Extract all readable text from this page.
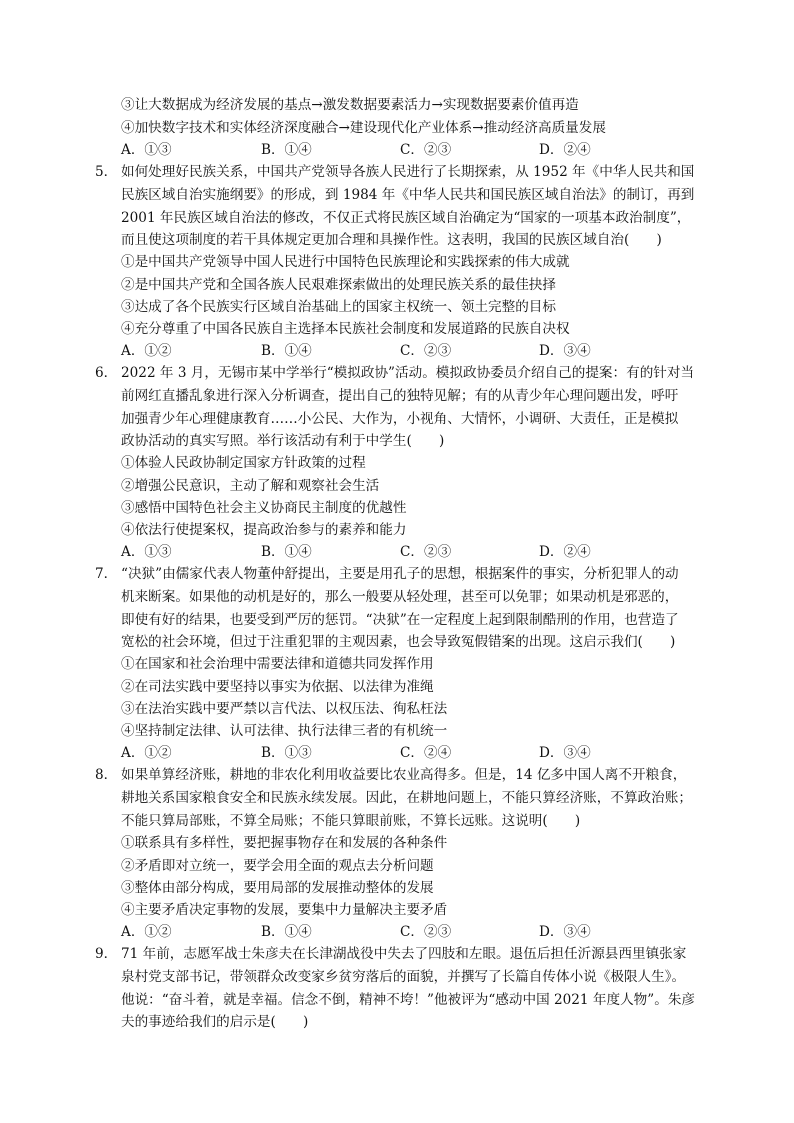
③让大数据成为经济发展的基点→激发数据要素活力→实现数据要素价值再造
④加快数字技术和实体经济深度融合→建设现代化产业体系→推动经济高质量发展
A．①③	B．①④	C．②③	D．②④
5． 如何处理好民族关系，中国共产党领导各族人民进行了长期探索，从 1952 年《中华人民共和国
民族区域自治实施纲要》的形成，到 1984 年《中华人民共和国民族区域自治法》的制订，再到
2001 年民族区域自治法的修改，不仅正式将民族区域自治确定为“国家的一项基本政治制度”，
而且使这项制度的若干具体规定更加合理和具操作性。这表明，我国的民族区域自治(　　)
①是中国共产党领导中国人民进行中国特色民族理论和实践探索的伟大成就
②是中国共产党和全国各族人民艰难探索做出的处理民族关系的最佳抉择
③达成了各个民族实行区域自治基础上的国家主权统一、领土完整的目标
④充分尊重了中国各民族自主选择本民族社会制度和发展道路的民族自决权
A．①②	B．①④	C．②③	D．③④
6． 2022 年 3 月，无锡市某中学举行“模拟政协”活动。模拟政协委员介绍自己的提案：有的针对当
前网红直播乱象进行深入分析调查，提出自己的独特见解；有的从青少年心理问题出发，呼吁
加强青少年心理健康教育……小公民、大作为，小视角、大情怀，小调研、大责任，正是模拟
政协活动的真实写照。举行该活动有利于中学生(　　)
①体验人民政协制定国家方针政策的过程
②增强公民意识，主动了解和观察社会生活
③感悟中国特色社会主义协商民主制度的优越性
④依法行使提案权，提高政治参与的素养和能力
A．①③	B．①④	C．②③	D．②④
7． “决狱”由儒家代表人物董仲舒提出，主要是用孔子的思想，根据案件的事实，分析犯罪人的动
机来断案。如果他的动机是好的，那么一般要从轻处理，甚至可以免罪；如果动机是邪恶的，
即使有好的结果，也要受到严厉的惩罚。“决狱”在一定程度上起到限制酷刑的作用，也营造了
宽松的社会环境，但过于注重犯罪的主观因素，也会导致冤假错案的出现。这启示我们(　　)
①在国家和社会治理中需要法律和道德共同发挥作用
②在司法实践中要坚持以事实为依据、以法律为准绳
③在法治实践中要严禁以言代法、以权压法、徇私枉法
④坚持制定法律、认可法律、执行法律三者的有机统一
A．①②	B．①③	C．②④	D．③④
8． 如果单算经济账，耕地的非农化利用收益要比农业高得多。但是，14 亿多中国人离不开粮食，
耕地关系国家粮食安全和民族永续发展。因此，在耕地问题上，不能只算经济账，不算政治账；
不能只算局部账，不算全局账；不能只算眼前账，不算长远账。这说明(　　)
①联系具有多样性，要把握事物存在和发展的各种条件
②矛盾即对立统一，要学会用全面的观点去分析问题
③整体由部分构成，要用局部的发展推动整体的发展
④主要矛盾决定事物的发展，要集中力量解决主要矛盾
A．①②	B．①④	C．②③	D．③④
9． 71 年前，志愿军战士朱彦夫在长津湖战役中失去了四肢和左眼。退伍后担任沂源县西里镇张家
泉村党支部书记，带领群众改变家乡贫穷落后的面貌，并撰写了长篇自传体小说《极限人生》。
他说：“奋斗着，就是幸福。信念不倒，精神不垮！”他被评为“感动中国 2021 年度人物”。朱彦
夫的事迹给我们的启示是(　　)
